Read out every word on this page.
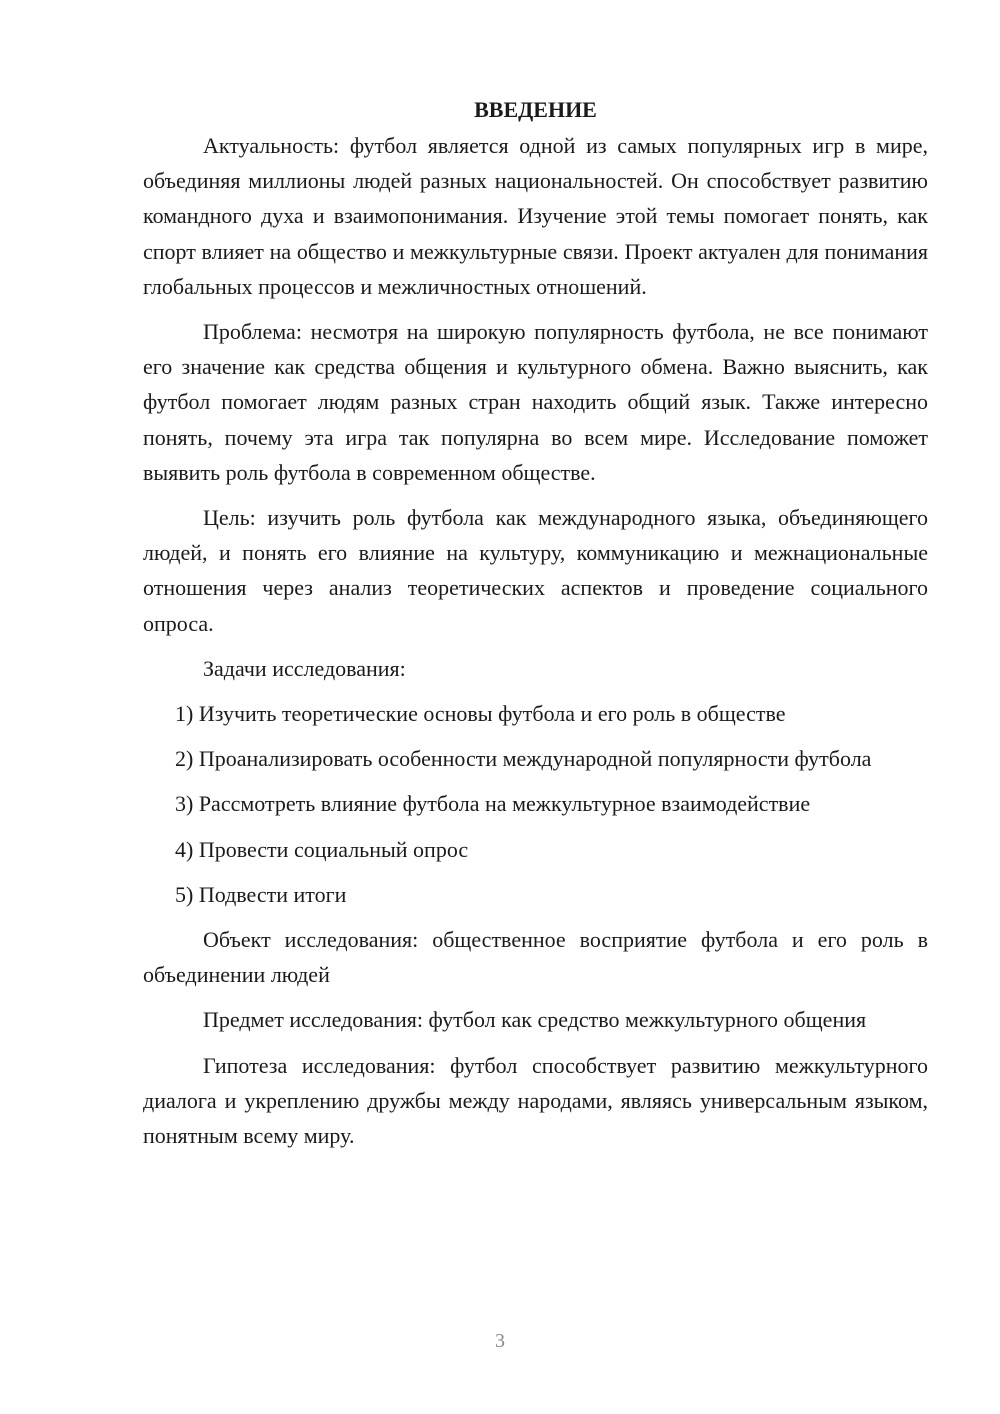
ВВЕДЕНИЕ

Актуальность: футбол является одной из самых популярных игр в мире, объединяя миллионы людей разных национальностей. Он способствует развитию командного духа и взаимопонимания. Изучение этой темы помогает понять, как спорт влияет на общество и межкультурные связи. Проект актуален для понимания глобальных процессов и межличностных отношений.

Проблема: несмотря на широкую популярность футбола, не все понимают его значение как средства общения и культурного обмена. Важно выяснить, как футбол помогает людям разных стран находить общий язык. Также интересно понять, почему эта игра так популярна во всем мире. Исследование поможет выявить роль футбола в современном обществе.

Цель: изучить роль футбола как международного языка, объединяющего людей, и понять его влияние на культуру, коммуникацию и межнациональные отношения через анализ теоретических аспектов и проведение социального опроса.

Задачи исследования:

1) Изучить теоретические основы футбола и его роль в обществе

2) Проанализировать особенности международной популярности футбола

3) Рассмотреть влияние футбола на межкультурное взаимодействие

4) Провести социальный опрос

5) Подвести итоги

Объект исследования: общественное восприятие футбола и его роль в объединении людей

Предмет исследования: футбол как средство межкультурного общения

Гипотеза исследования: футбол способствует развитию межкультурного диалога и укреплению дружбы между народами, являясь универсальным языком, понятным всему миру.

3
